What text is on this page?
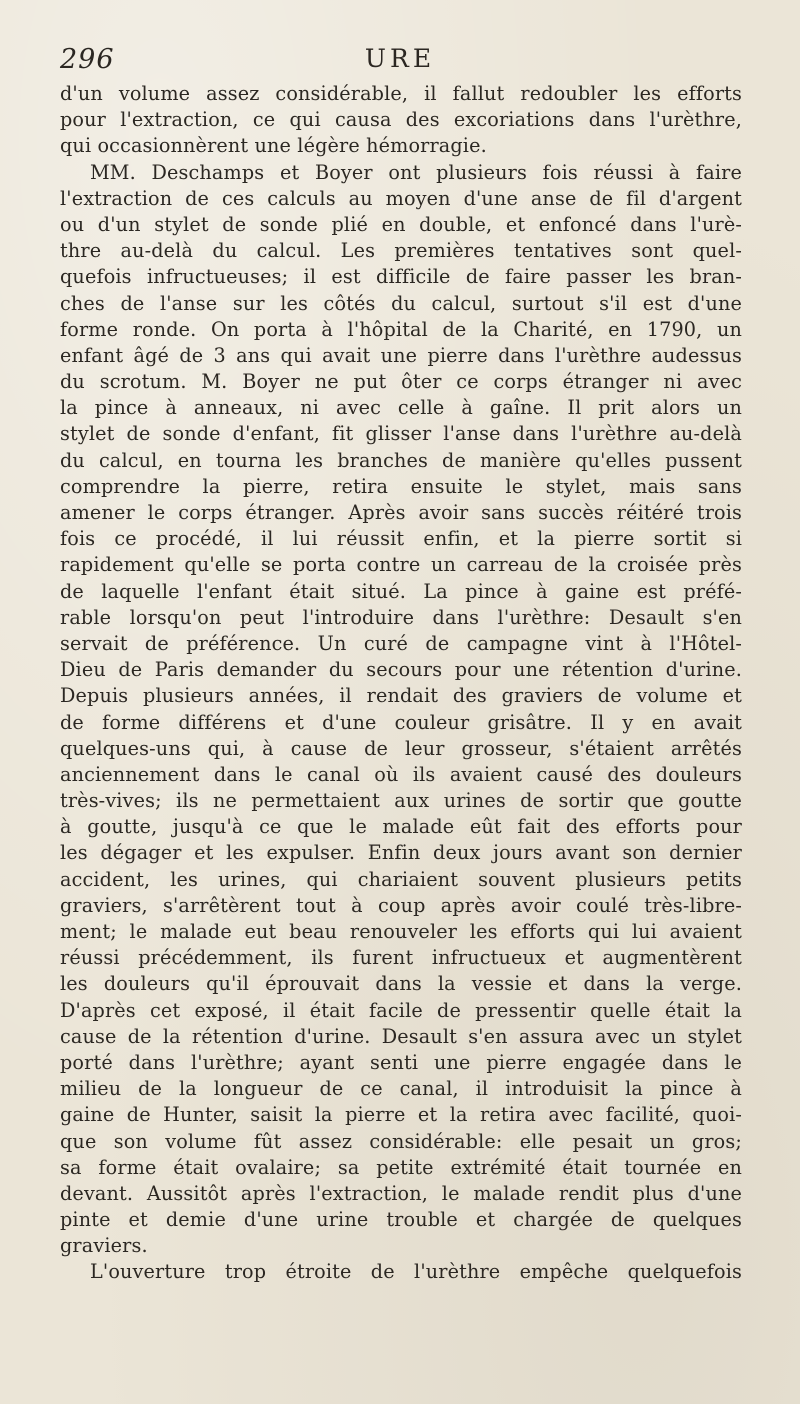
296	URE
d'un volume assez considérable, il fallut redoubler les efforts
pour l'extraction, ce qui causa des excoriations dans l'urèthre,
qui occasionnèrent une légère hémorragie.
MM. Deschamps et Boyer ont plusieurs fois réussi à faire
l'extraction de ces calculs au moyen d'une anse de fil d'argent
ou d'un stylet de sonde plié en double, et enfoncé dans l'urè-
thre au-delà du calcul. Les premières tentatives sont quel-
quefois infructueuses; il est difficile de faire passer les bran-
ches de l'anse sur les côtés du calcul, surtout s'il est d'une
forme ronde. On porta à l'hôpital de la Charité, en 1790, un
enfant âgé de 3 ans qui avait une pierre dans l'urèthre audessus
du scrotum. M. Boyer ne put ôter ce corps étranger ni avec
la pince à anneaux, ni avec celle à gaîne. Il prit alors un
stylet de sonde d'enfant, fit glisser l'anse dans l'urèthre au-delà
du calcul, en tourna les branches de manière qu'elles pussent
comprendre la pierre, retira ensuite le stylet, mais sans
amener le corps étranger. Après avoir sans succès réitéré trois
fois ce procédé, il lui réussit enfin, et la pierre sortit si
rapidement qu'elle se porta contre un carreau de la croisée près
de laquelle l'enfant était situé. La pince à gaine est préfé-
rable lorsqu'on peut l'introduire dans l'urèthre: Desault s'en
servait de préférence. Un curé de campagne vint à l'Hôtel-
Dieu de Paris demander du secours pour une rétention d'urine.
Depuis plusieurs années, il rendait des graviers de volume et
de forme différens et d'une couleur grisâtre. Il y en avait
quelques-uns qui, à cause de leur grosseur, s'étaient arrêtés
anciennement dans le canal où ils avaient causé des douleurs
très-vives; ils ne permettaient aux urines de sortir que goutte
à goutte, jusqu'à ce que le malade eût fait des efforts pour
les dégager et les expulser. Enfin deux jours avant son dernier
accident, les urines, qui chariaient souvent plusieurs petits
graviers, s'arrêtèrent tout à coup après avoir coulé très-libre-
ment; le malade eut beau renouveler les efforts qui lui avaient
réussi précédemment, ils furent infructueux et augmentèrent
les douleurs qu'il éprouvait dans la vessie et dans la verge.
D'après cet exposé, il était facile de pressentir quelle était la
cause de la rétention d'urine. Desault s'en assura avec un stylet
porté dans l'urèthre; ayant senti une pierre engagée dans le
milieu de la longueur de ce canal, il introduisit la pince à
gaine de Hunter, saisit la pierre et la retira avec facilité, quoi-
que son volume fût assez considérable: elle pesait un gros;
sa forme était ovalaire; sa petite extrémité était tournée en
devant. Aussitôt après l'extraction, le malade rendit plus d'une
pinte et demie d'une urine trouble et chargée de quelques
graviers.
L'ouverture trop étroite de l'urèthre empêche quelquefois
